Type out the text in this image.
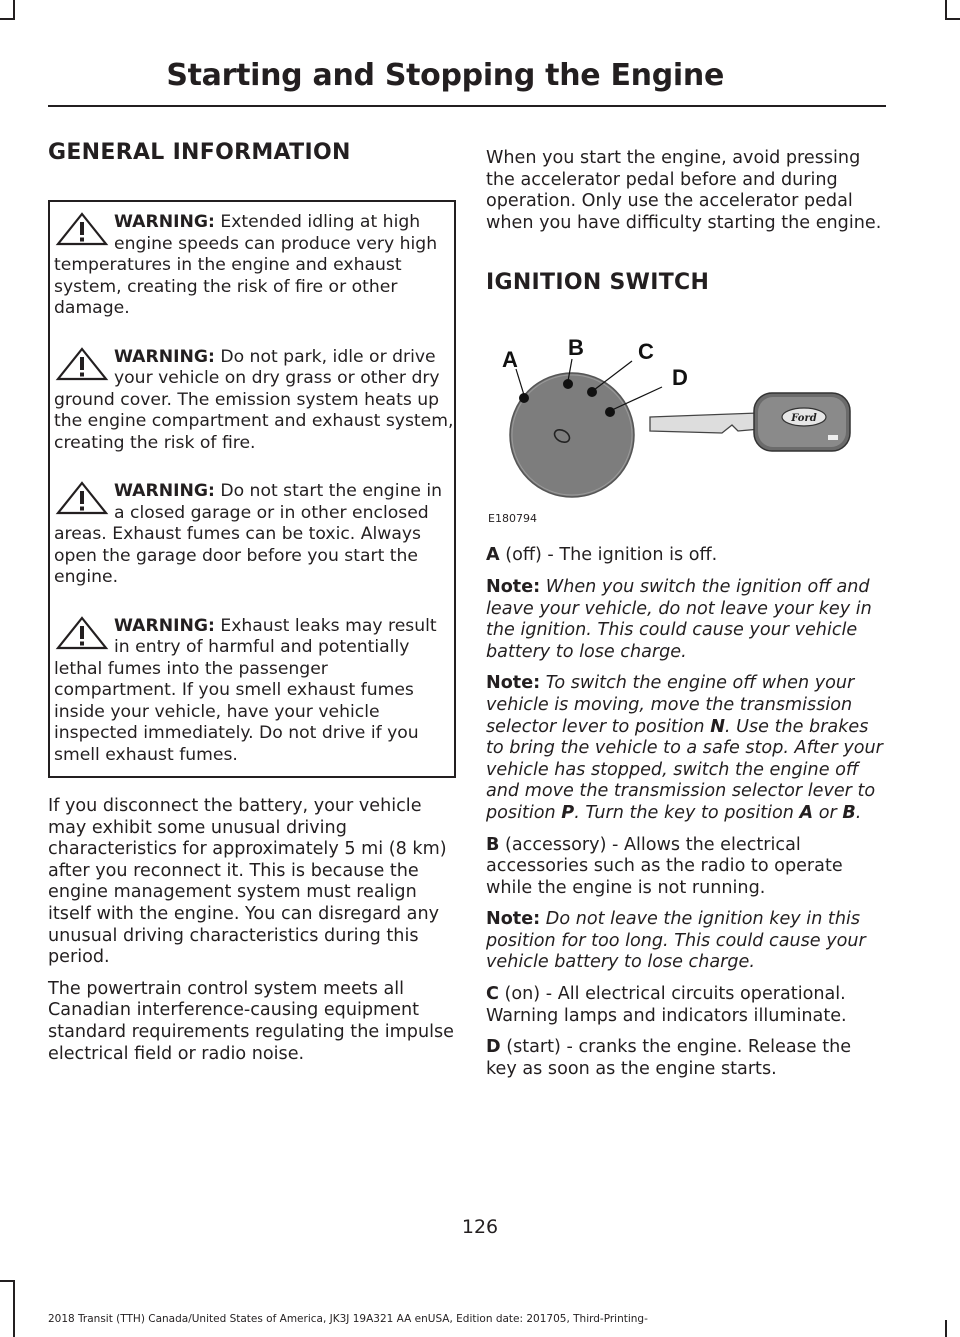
Starting and Stopping the Engine
GENERAL INFORMATION
WARNING: Extended idling at high engine speeds can produce very high temperatures in the engine and exhaust system, creating the risk of fire or other damage.
WARNING: Do not park, idle or drive your vehicle on dry grass or other dry ground cover. The emission system heats up the engine compartment and exhaust system, creating the risk of fire.
WARNING: Do not start the engine in a closed garage or in other enclosed areas. Exhaust fumes can be toxic. Always open the garage door before you start the engine.
WARNING: Exhaust leaks may result in entry of harmful and potentially lethal fumes into the passenger compartment. If you smell exhaust fumes inside your vehicle, have your vehicle inspected immediately. Do not drive if you smell exhaust fumes.

If you disconnect the battery, your vehicle may exhibit some unusual driving characteristics for approximately 5 mi (8 km) after you reconnect it. This is because the engine management system must realign itself with the engine. You can disregard any unusual driving characteristics during this period.

The powertrain control system meets all Canadian interference-causing equipment standard requirements regulating the impulse electrical field or radio noise.

When you start the engine, avoid pressing the accelerator pedal before and during operation. Only use the accelerator pedal when you have difficulty starting the engine.

IGNITION SWITCH
A B C
D
Ford
E180794

A (off) - The ignition is off.

Note: When you switch the ignition off and leave your vehicle, do not leave your key in the ignition. This could cause your vehicle battery to lose charge.

Note: To switch the engine off when your vehicle is moving, move the transmission selector lever to position N. Use the brakes to bring the vehicle to a safe stop. After your vehicle has stopped, switch the engine off and move the transmission selector lever to position P. Turn the key to position A or B.

B (accessory) - Allows the electrical accessories such as the radio to operate while the engine is not running.

Note: Do not leave the ignition key in this position for too long. This could cause your vehicle battery to lose charge.

C (on) - All electrical circuits operational. Warning lamps and indicators illuminate.

D (start) - cranks the engine. Release the key as soon as the engine starts.

126
2018 Transit (TTH) Canada/United States of America, JK3J 19A321 AA enUSA, Edition date: 201705, Third-Printing-
